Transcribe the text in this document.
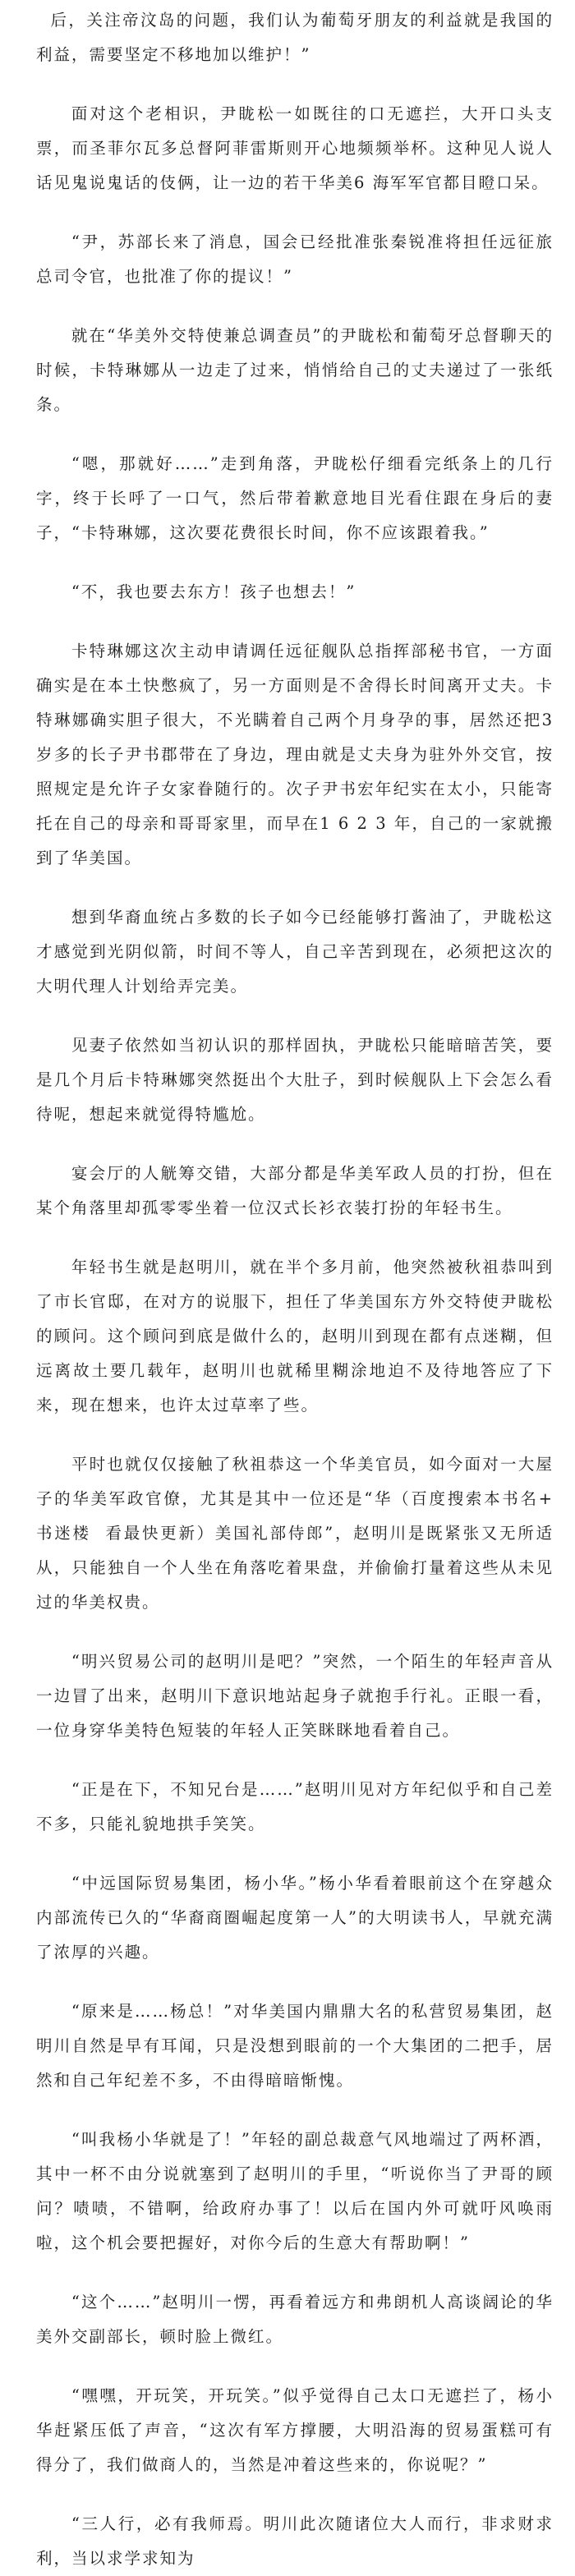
后，关注帝汶岛的问题，我们认为葡萄牙朋友的利益就是我国的利益，需要坚定不移地加以维护！”

面对这个老相识，尹眬松一如既往的口无遮拦，大开口头支票，而圣菲尔瓦多总督阿菲雷斯则开心地频频举杯。这种见人说人话见鬼说鬼话的伎俩，让一边的若干华美6 海军军官都目瞪口呆。

“尹，苏部长来了消息，国会已经批准张秦锐准将担任远征旅总司令官，也批准了你的提议！”

就在“华美外交特使兼总调查员”的尹眬松和葡萄牙总督聊天的时候，卡特琳娜从一边走了过来，悄悄给自己的丈夫递过了一张纸条。

“嗯，那就好……”走到角落，尹眬松仔细看完纸条上的几行字，终于长呼了一口气，然后带着歉意地目光看住跟在身后的妻子，“卡特琳娜，这次要花费很长时间，你不应该跟着我。”

“不，我也要去东方！孩子也想去！”

卡特琳娜这次主动申请调任远征舰队总指挥部秘书官，一方面确实是在本土快憋疯了，另一方面则是不舍得长时间离开丈夫。卡特琳娜确实胆子很大，不光瞒着自己两个月身孕的事，居然还把3 岁多的长子尹书郡带在了身边，理由就是丈夫身为驻外外交官，按照规定是允许子女家眷随行的。次子尹书宏年纪实在太小，只能寄托在自己的母亲和哥哥家里，而早在1 6 2 3 年，自己的一家就搬到了华美国。

想到华裔血统占多数的长子如今已经能够打酱油了，尹眬松这才感觉到光阴似箭，时间不等人，自己辛苦到现在，必须把这次的大明代理人计划给弄完美。

见妻子依然如当初认识的那样固执，尹眬松只能暗暗苦笑，要是几个月后卡特琳娜突然挺出个大肚子，到时候舰队上下会怎么看待呢，想起来就觉得特尴尬。

宴会厅的人觥筹交错，大部分都是华美军政人员的打扮，但在某个角落里却孤零零坐着一位汉式长衫衣装打扮的年轻书生。

年轻书生就是赵明川，就在半个多月前，他突然被秋祖恭叫到了市长官邸，在对方的说服下，担任了华美国东方外交特使尹眬松的顾问。这个顾问到底是做什么的，赵明川到现在都有点迷糊，但远离故土要几载年，赵明川也就稀里糊涂地迫不及待地答应了下来，现在想来，也许太过草率了些。

平时也就仅仅接触了秋祖恭这一个华美官员，如今面对一大屋子的华美军政官僚，尤其是其中一位还是“华（百度搜索本书名+ 书迷楼  看最快更新）美国礼部侍郎”，赵明川是既紧张又无所适从，只能独自一个人坐在角落吃着果盘，并偷偷打量着这些从未见过的华美权贵。

“明兴贸易公司的赵明川是吧？”突然，一个陌生的年轻声音从一边冒了出来，赵明川下意识地站起身子就抱手行礼。正眼一看，一位身穿华美特色短装的年轻人正笑眯眯地看着自己。

“正是在下，不知兄台是……”赵明川见对方年纪似乎和自己差不多，只能礼貌地拱手笑笑。

“中远国际贸易集团，杨小华。”杨小华看着眼前这个在穿越众内部流传已久的“华裔商圈崛起度第一人”的大明读书人，早就充满了浓厚的兴趣。

“原来是……杨总！”对华美国内鼎鼎大名的私营贸易集团，赵明川自然是早有耳闻，只是没想到眼前的一个大集团的二把手，居然和自己年纪差不多，不由得暗暗惭愧。

“叫我杨小华就是了！”年轻的副总裁意气风地端过了两杯酒，其中一杯不由分说就塞到了赵明川的手里，“听说你当了尹哥的顾问？啧啧，不错啊，给政府办事了！以后在国内外可就吁风唤雨啦，这个机会要把握好，对你今后的生意大有帮助啊！”

“这个……”赵明川一愣，再看着远方和弗朗机人高谈阔论的华美外交副部长，顿时脸上微红。

“嘿嘿，开玩笑，开玩笑。”似乎觉得自己太口无遮拦了，杨小华赶紧压低了声音，“这次有军方撑腰，大明沿海的贸易蛋糕可有得分了，我们做商人的，当然是冲着这些来的，你说呢？”

“三人行，必有我师焉。明川此次随诸位大人而行，非求财求利，当以求学求知为
